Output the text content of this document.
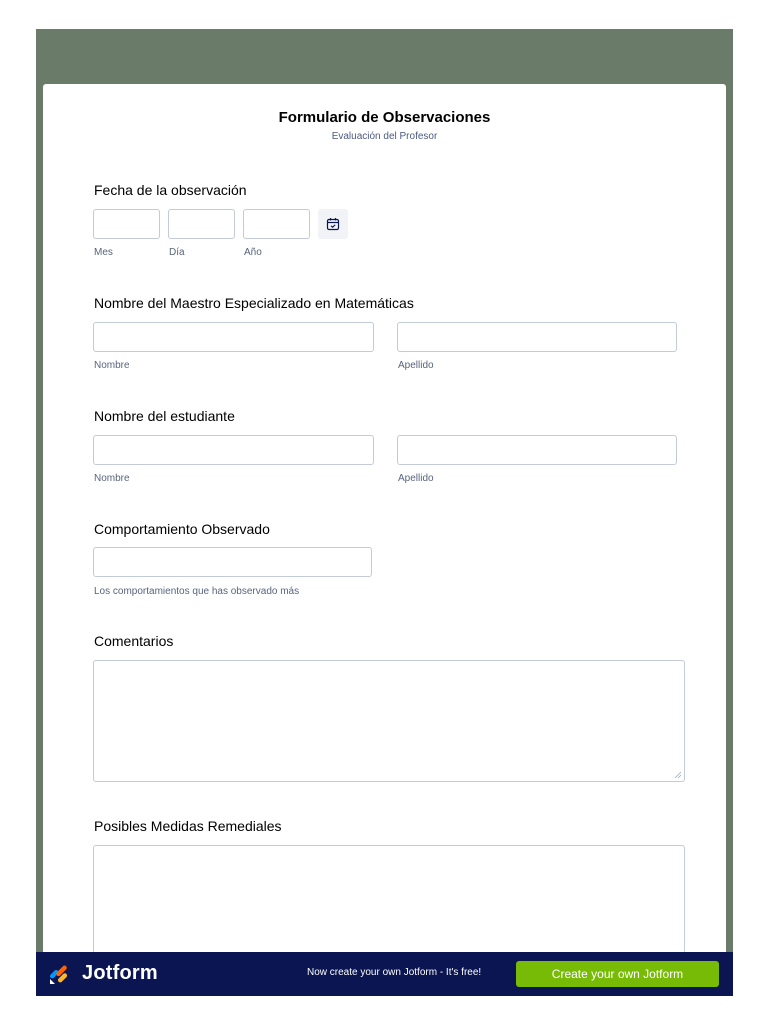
Formulario de Observaciones
Evaluación del Profesor
Fecha de la observación
Mes	Día	Año
Nombre del Maestro Especializado en Matemáticas
Nombre	Apellido
Nombre del estudiante
Nombre	Apellido
Comportamiento Observado
Los comportamientos que has observado más
Comentarios
Posibles Medidas Remediales
Jotform	Now create your own Jotform - It's free!	Create your own Jotform
